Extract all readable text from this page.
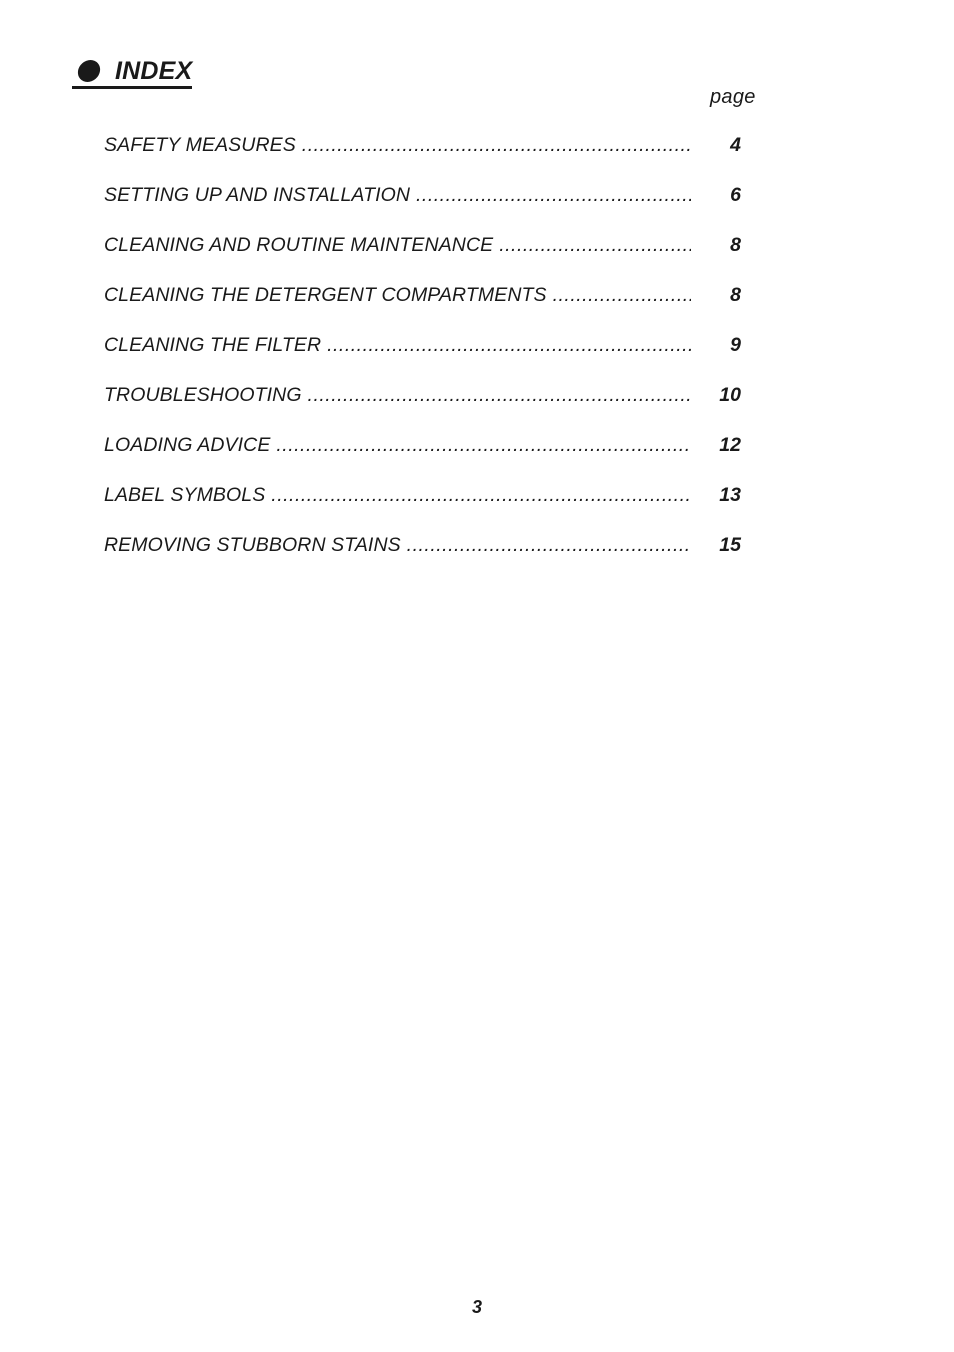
INDEX
page
SAFETY MEASURES .....	4
SETTING UP AND INSTALLATION .....	6
CLEANING AND ROUTINE MAINTENANCE .....	8
CLEANING THE DETERGENT COMPARTMENTS .....	8
CLEANING THE FILTER .....	9
TROUBLESHOOTING .....	10
LOADING ADVICE .....	12
LABEL SYMBOLS .....	13
REMOVING STUBBORN STAINS .....	15
3
